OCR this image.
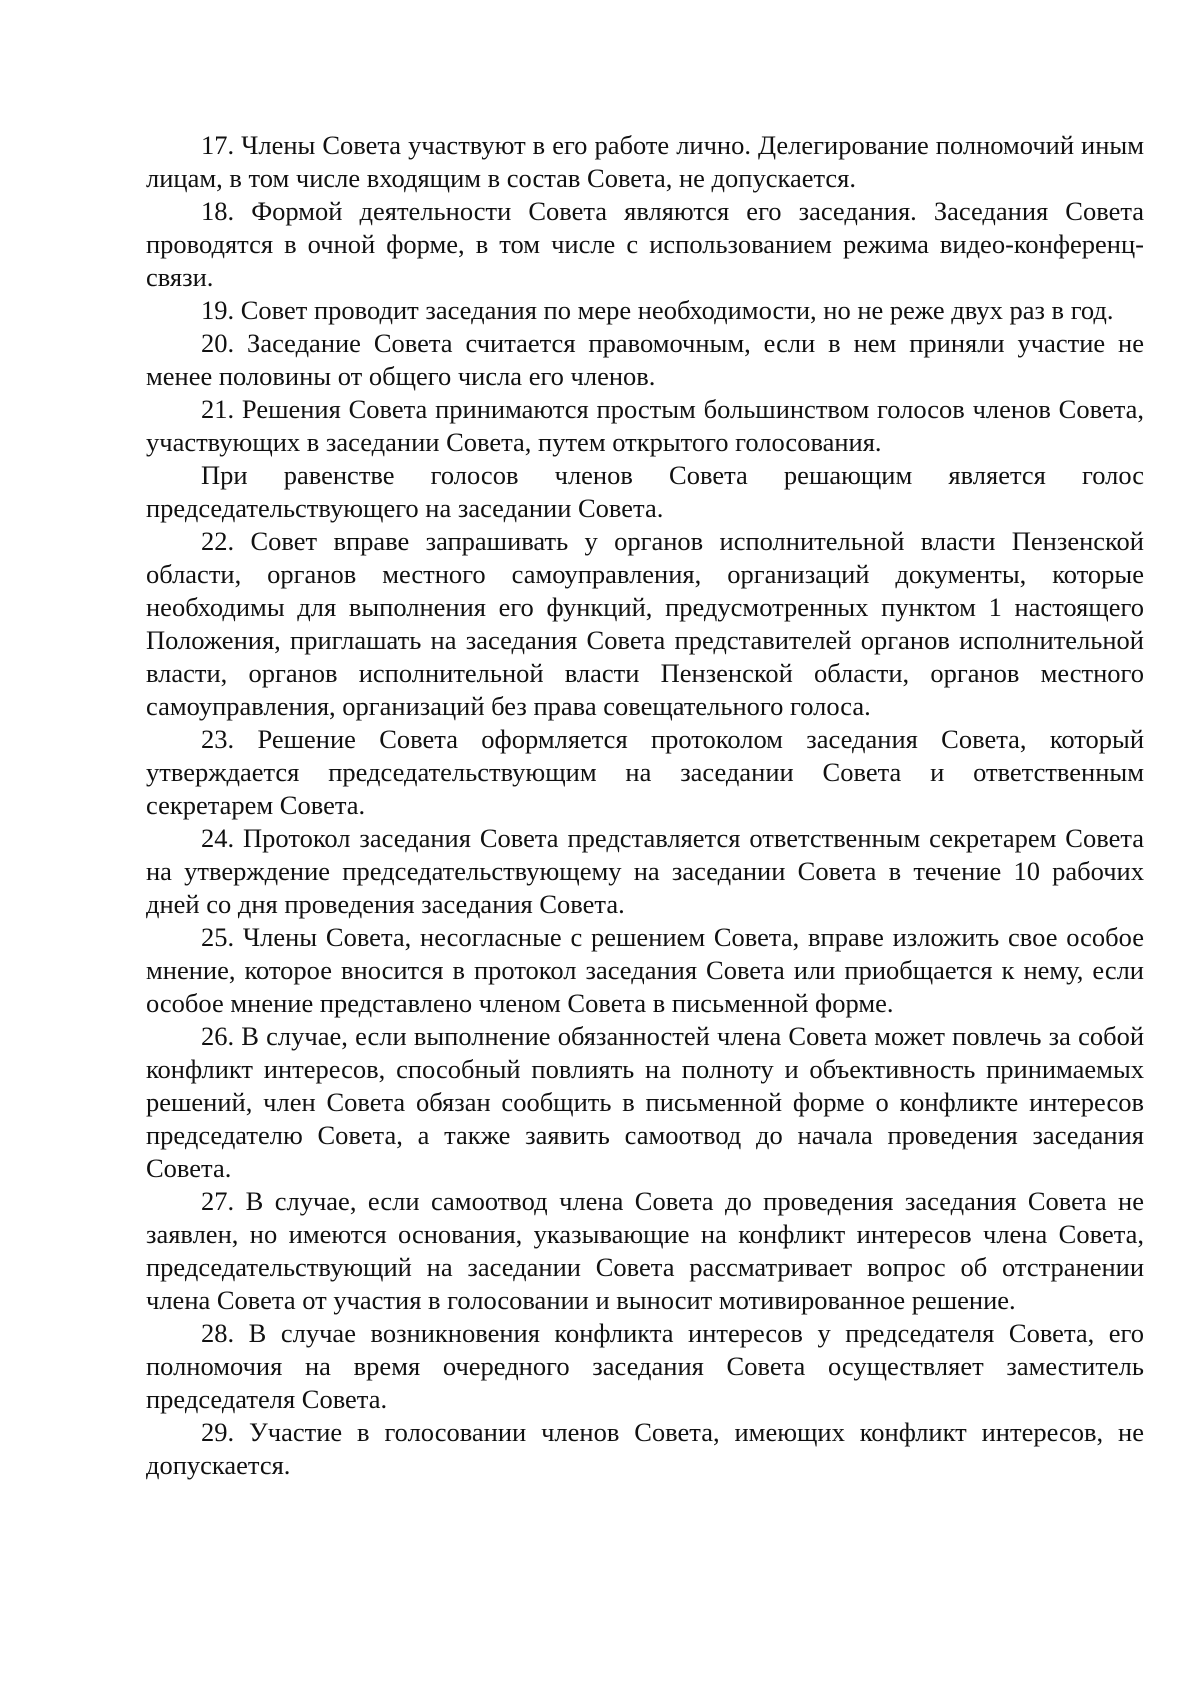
17. Члены Совета участвуют в его работе лично. Делегирование полномочий иным лицам, в том числе входящим в состав Совета, не допускается.

18. Формой деятельности Совета являются его заседания. Заседания Совета проводятся в очной форме, в том числе с использованием режима видео-конференц-связи.

19. Совет проводит заседания по мере необходимости, но не реже двух раз в год.

20. Заседание Совета считается правомочным, если в нем приняли участие не менее половины от общего числа его членов.

21. Решения Совета принимаются простым большинством голосов членов Совета, участвующих в заседании Совета, путем открытого голосования.

При равенстве голосов членов Совета решающим является голос председательствующего на заседании Совета.

22. Совет вправе запрашивать у органов исполнительной власти Пензенской области, органов местного самоуправления, организаций документы, которые необходимы для выполнения его функций, предусмотренных пунктом 1 настоящего Положения, приглашать на заседания Совета представителей органов исполнительной власти, органов исполнительной власти Пензенской области, органов местного самоуправления, организаций без права совещательного голоса.

23. Решение Совета оформляется протоколом заседания Совета, который утверждается председательствующим на заседании Совета и ответственным секретарем Совета.

24. Протокол заседания Совета представляется ответственным секретарем Совета на утверждение председательствующему на заседании Совета в течение 10 рабочих дней со дня проведения заседания Совета.

25. Члены Совета, несогласные с решением Совета, вправе изложить свое особое мнение, которое вносится в протокол заседания Совета или приобщается к нему, если особое мнение представлено членом Совета в письменной форме.

26. В случае, если выполнение обязанностей члена Совета может повлечь за собой конфликт интересов, способный повлиять на полноту и объективность принимаемых решений, член Совета обязан сообщить в письменной форме о конфликте интересов председателю Совета, а также заявить самоотвод до начала проведения заседания Совета.

27. В случае, если самоотвод члена Совета до проведения заседания Совета не заявлен, но имеются основания, указывающие на конфликт интересов члена Совета, председательствующий на заседании Совета рассматривает вопрос об отстранении члена Совета от участия в голосовании и выносит мотивированное решение.

28. В случае возникновения конфликта интересов у председателя Совета, его полномочия на время очередного заседания Совета осуществляет заместитель председателя Совета.

29. Участие в голосовании членов Совета, имеющих конфликт интересов, не допускается.
